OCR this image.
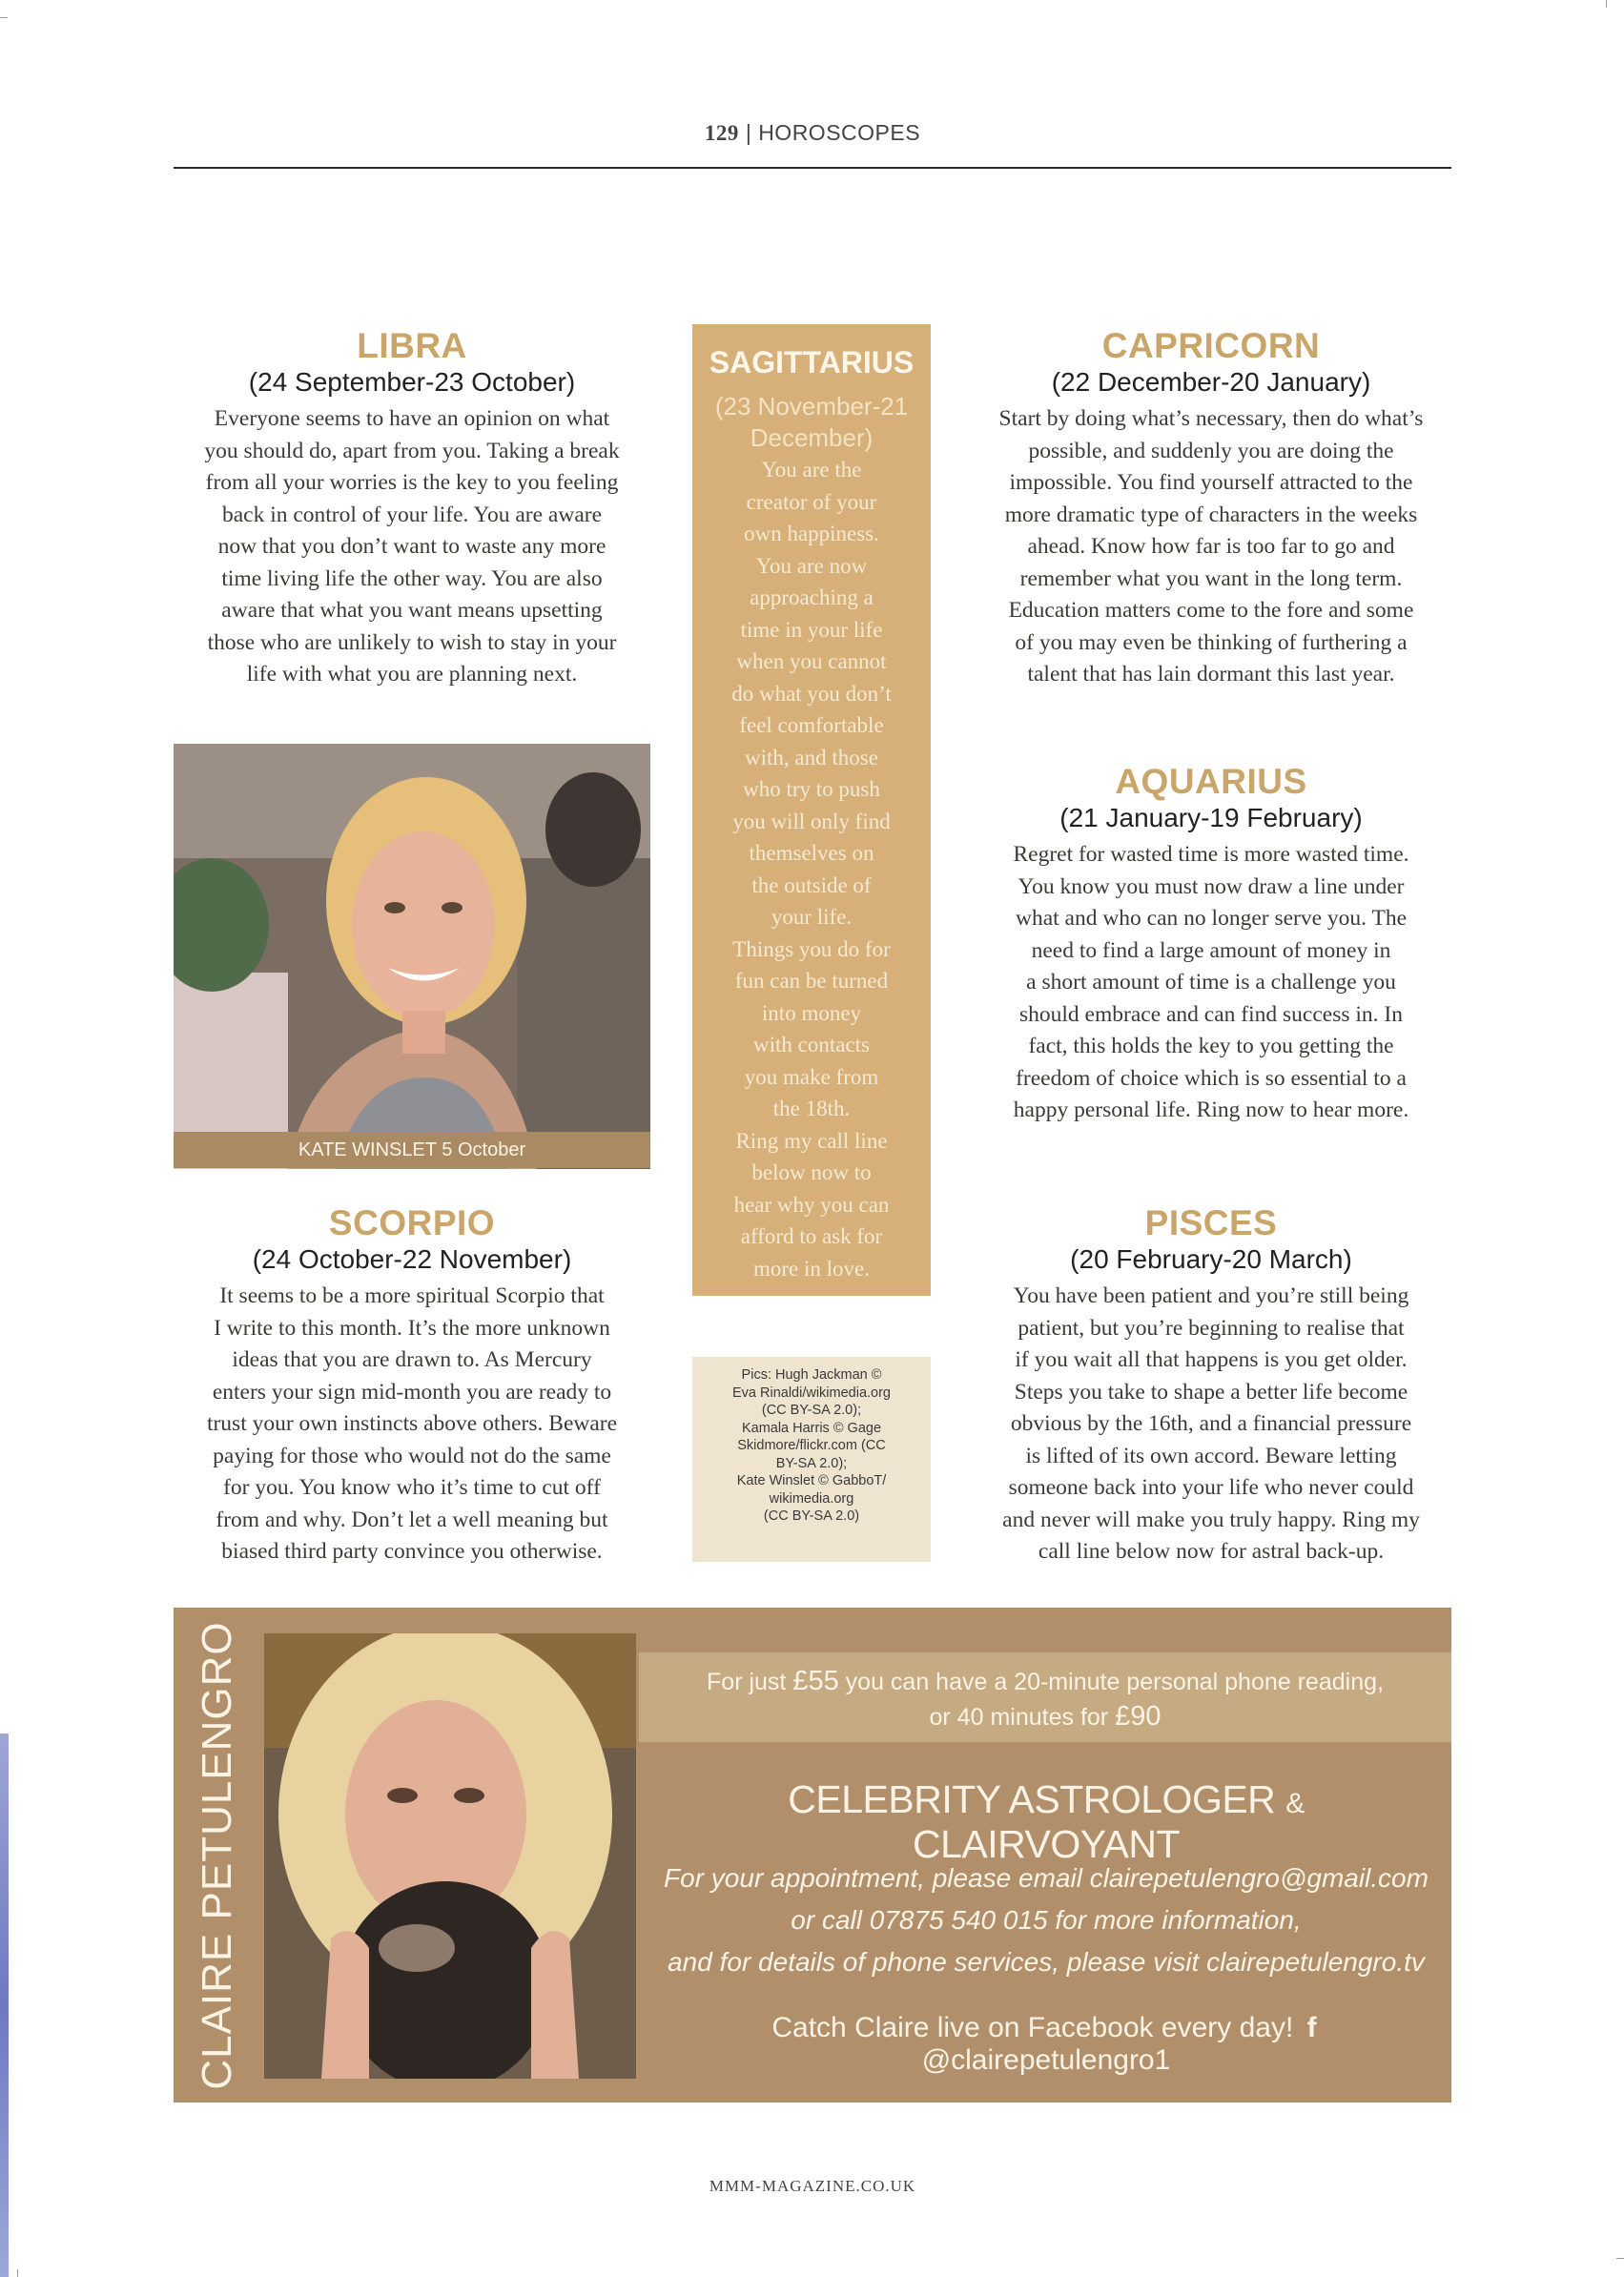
129 | HOROSCOPES
LIBRA
(24 September-23 October)

Everyone seems to have an opinion on what
you should do, apart from you. Taking a break
from all your worries is the key to you feeling
back in control of your life. You are aware
now that you don’t want to waste any more
time living life the other way. You are also
aware that what you want means upsetting
those who are unlikely to wish to stay in your
life with what you are planning next.

SAGITTARIUS
(23 November-21 December)

You are the
creator of your
own happiness.
You are now
approaching a
time in your life
when you cannot
do what you don’t
feel comfortable
with, and those
who try to push
you will only find
themselves on
the outside of
your life.
Things you do for
fun can be turned
into money
with contacts
you make from
the 18th.
Ring my call line
below now to
hear why you can
afford to ask for
more in love.

CAPRICORN
(22 December-20 January)

Start by doing what’s necessary, then do what’s
possible, and suddenly you are doing the
impossible. You find yourself attracted to the
more dramatic type of characters in the weeks
ahead. Know how far is too far to go and
remember what you want in the long term.
Education matters come to the fore and some
of you may even be thinking of furthering a
talent that has lain dormant this last year.

KATE WINSLET 5 October
AQUARIUS
(21 January-19 February)

Regret for wasted time is more wasted time.
You know you must now draw a line under
what and who can no longer serve you. The
need to find a large amount of money in
a short amount of time is a challenge you
should embrace and can find success in. In
fact, this holds the key to you getting the
freedom of choice which is so essential to a
happy personal life. Ring now to hear more.

SCORPIO
(24 October-22 November)

It seems to be a more spiritual Scorpio that
I write to this month. It’s the more unknown
ideas that you are drawn to. As Mercury
enters your sign mid-month you are ready to
trust your own instincts above others. Beware
paying for those who would not do the same
for you. You know who it’s time to cut off
from and why. Don’t let a well meaning but
biased third party convince you otherwise.

Pics: Hugh Jackman ©
Eva Rinaldi/wikimedia.org
(CC BY-SA 2.0);
Kamala Harris © Gage
Skidmore/flickr.com (CC
BY-SA 2.0);
Kate Winslet © GabboT/
wikimedia.org
(CC BY-SA 2.0)
PISCES
(20 February-20 March)

You have been patient and you’re still being
patient, but you’re beginning to realise that
if you wait all that happens is you get older.
Steps you take to shape a better life become
obvious by the 16th, and a financial pressure
is lifted of its own accord. Beware letting
someone back into your life who never could
and never will make you truly happy. Ring my
call line below now for astral back-up.

CLAIRE PETULENGRO	For just £55 you can have a 20-minute personal phone reading,
or 40 minutes for £90
CELEBRITY ASTROLOGER & CLAIRVOYANT
For your appointment, please email clairepetulengro@gmail.com
or call 07875 540 015 for more information,
and for details of phone services, please visit clairepetulengro.tv
Catch Claire live on Facebook every day! f @clairepetulengro1
MMM-MAGAZINE.CO.UK
